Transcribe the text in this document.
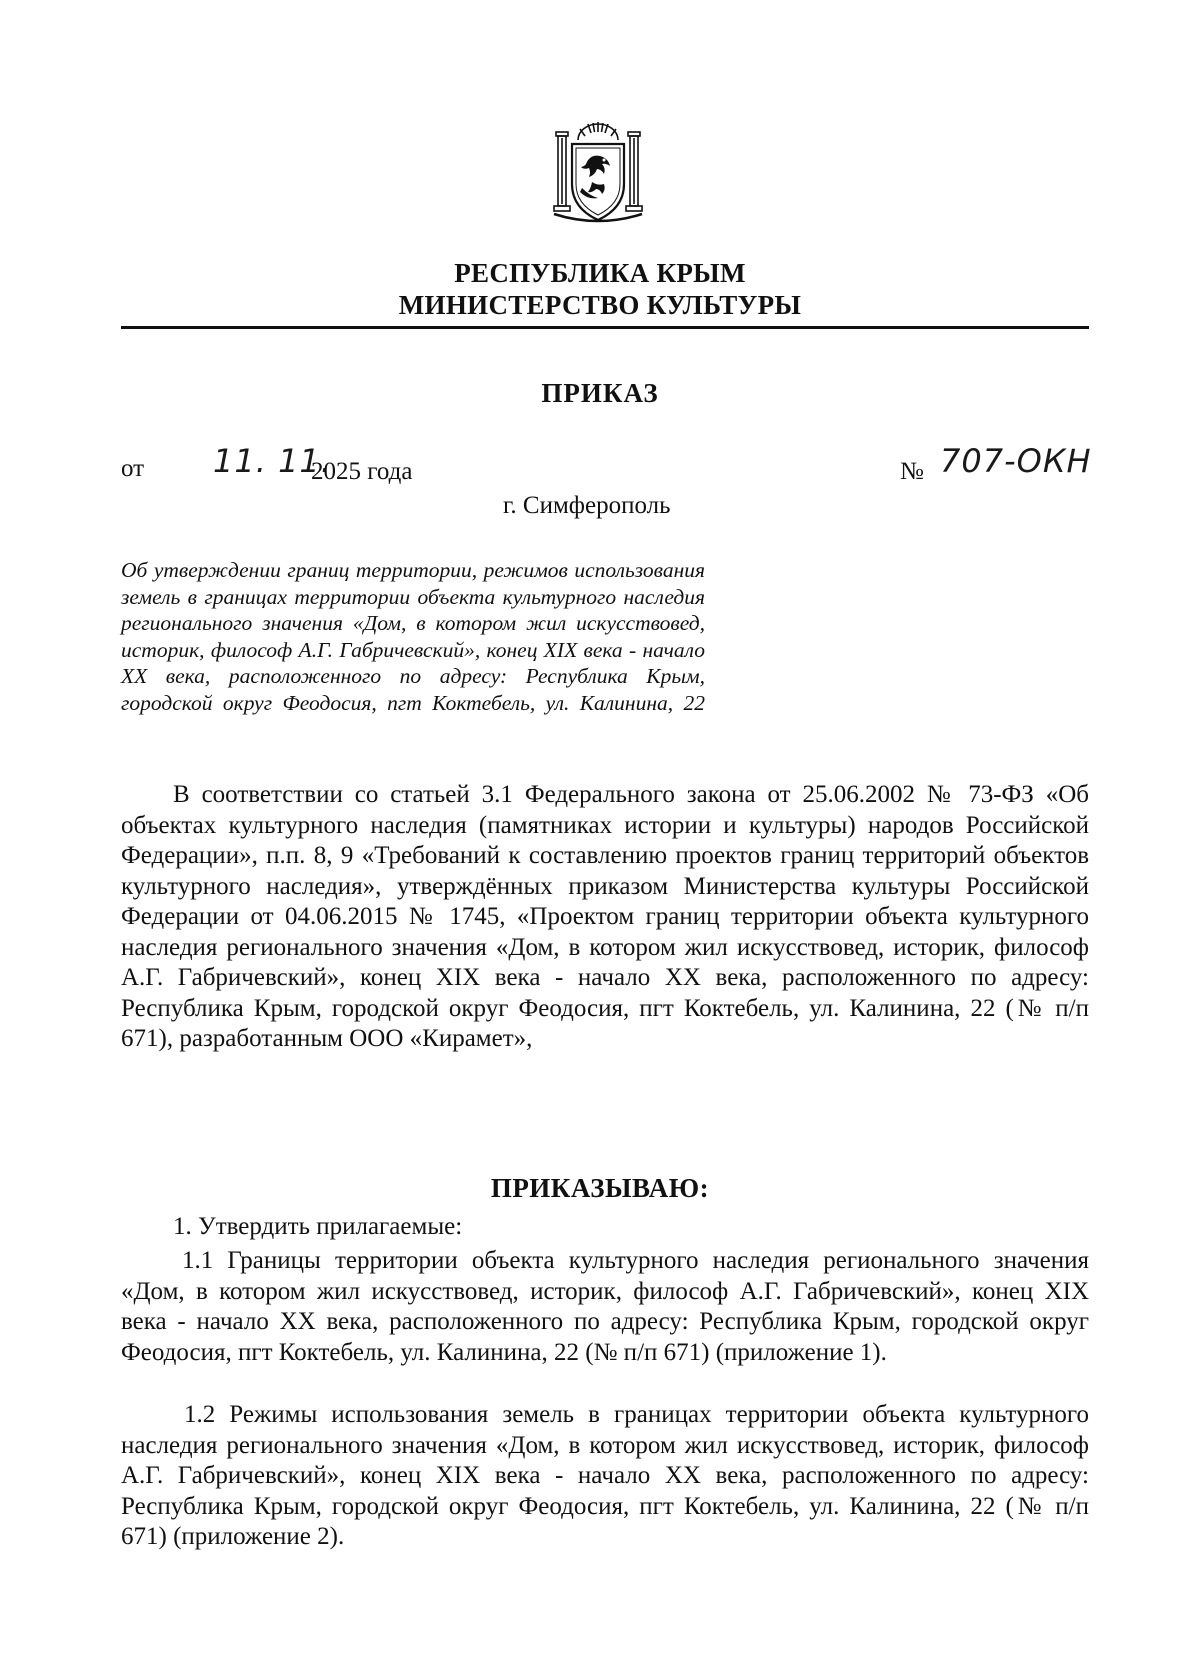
РЕСПУБЛИКА КРЫМ
МИНИСТЕРСТВО КУЛЬТУРЫ
ПРИКАЗ
от 11. 11.
2025 года	№ 707-ОКН
г. Симферополь
Об утверждении границ территории, режимов использования земель в границах территории объекта культурного наследия регионального значения «Дом, в котором жил искусствовед, историк, философ А.Г. Габричевский», конец XIX века - начало XX века, расположенного по адресу: Республика Крым, городской округ Феодосия, пгт Коктебель, ул. Калинина, 22
В соответствии со статьей 3.1 Федерального закона от 25.06.2002 № 73-ФЗ «Об объектах культурного наследия (памятниках истории и культуры) народов Российской Федерации», п.п. 8, 9 «Требований к составлению проектов границ территорий объектов культурного наследия», утверждённых приказом Министерства культуры Российской Федерации от 04.06.2015 № 1745, «Проектом границ территории объекта культурного наследия регионального значения «Дом, в котором жил искусствовед, историк, философ А.Г. Габричевский», конец XIX века - начало XX века, расположенного по адресу: Республика Крым, городской округ Феодосия, пгт Коктебель, ул. Калинина, 22 (№ п/п 671), разработанным ООО «Кирамет»,
ПРИКАЗЫВАЮ:
1. Утвердить прилагаемые:
1.1 Границы территории объекта культурного наследия регионального значения «Дом, в котором жил искусствовед, историк, философ А.Г. Габричевский», конец XIX века - начало XX века, расположенного по адресу: Республика Крым, городской округ Феодосия, пгт Коктебель, ул. Калинина, 22 (№ п/п 671) (приложение 1).
1.2 Режимы использования земель в границах территории объекта культурного наследия регионального значения «Дом, в котором жил искусствовед, историк, философ А.Г. Габричевский», конец XIX века - начало XX века, расположенного по адресу: Республика Крым, городской округ Феодосия, пгт Коктебель, ул. Калинина, 22 (№ п/п 671) (приложение 2).
